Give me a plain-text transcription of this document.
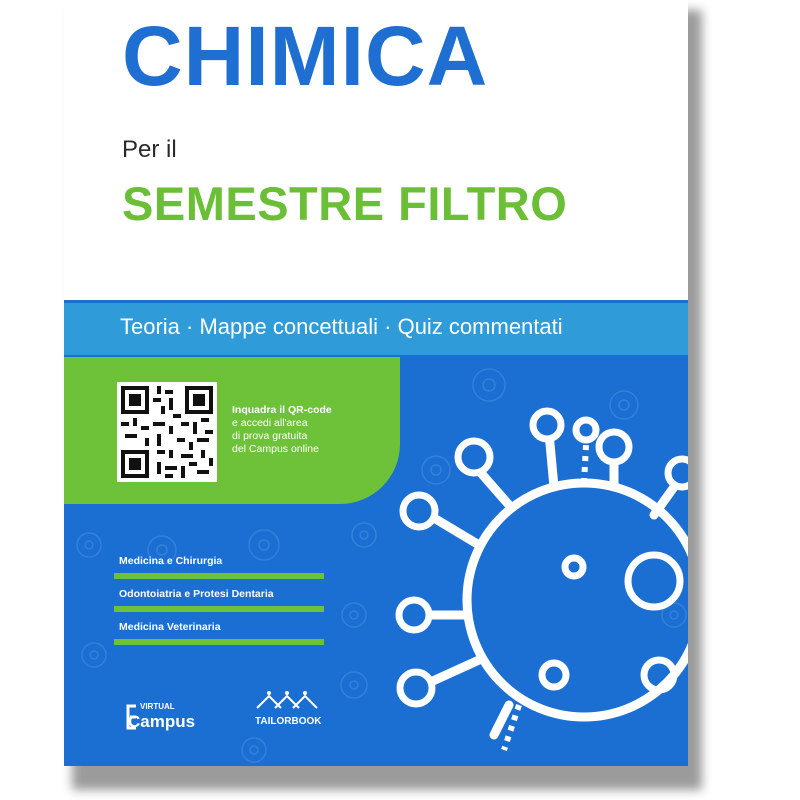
CHIMICA
Per il
SEMESTRE FILTRO
Teoria · Mappe concettuali · Quiz commentati
Inquadra il QR-code
e accedi all'area
di prova gratuita
del Campus online
Medicina e Chirurgia
Odontoiatria e Protesi Dentaria
Medicina Veterinaria
VIRTUAL
Campus	TAILORBOOK
